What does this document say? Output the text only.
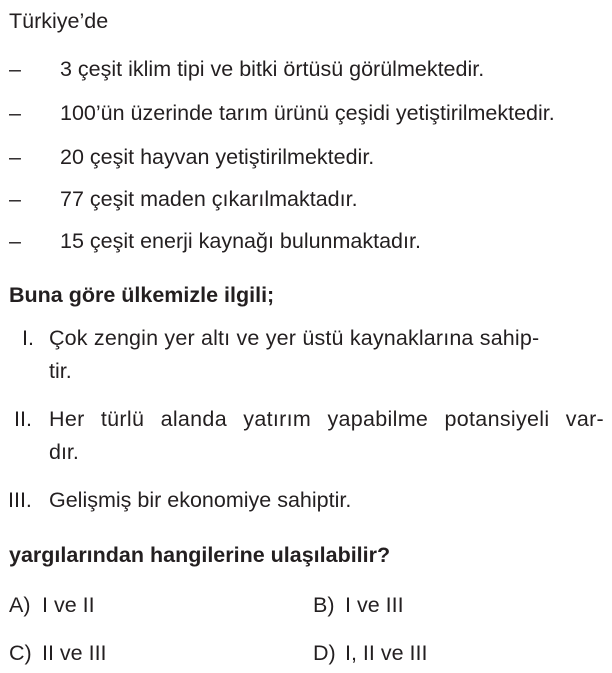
Türkiye’de
– 3 çeşit iklim tipi ve bitki örtüsü görülmektedir.
– 100’ün üzerinde tarım ürünü çeşidi yetiştirilmektedir.
– 20 çeşit hayvan yetiştirilmektedir.
– 77 çeşit maden çıkarılmaktadır.
– 15 çeşit enerji kaynağı bulunmaktadır.
Buna göre ülkemizle ilgili;
I. Çok zengin yer altı ve yer üstü kaynaklarına sahip-
tir.
II. Her türlü alanda yatırım yapabilme potansiyeli var-
dır.
III. Gelişmiş bir ekonomiye sahiptir.
yargılarından hangilerine ulaşılabilir?
A) I ve II	B) I ve III
C) II ve III	D) I, II ve III
